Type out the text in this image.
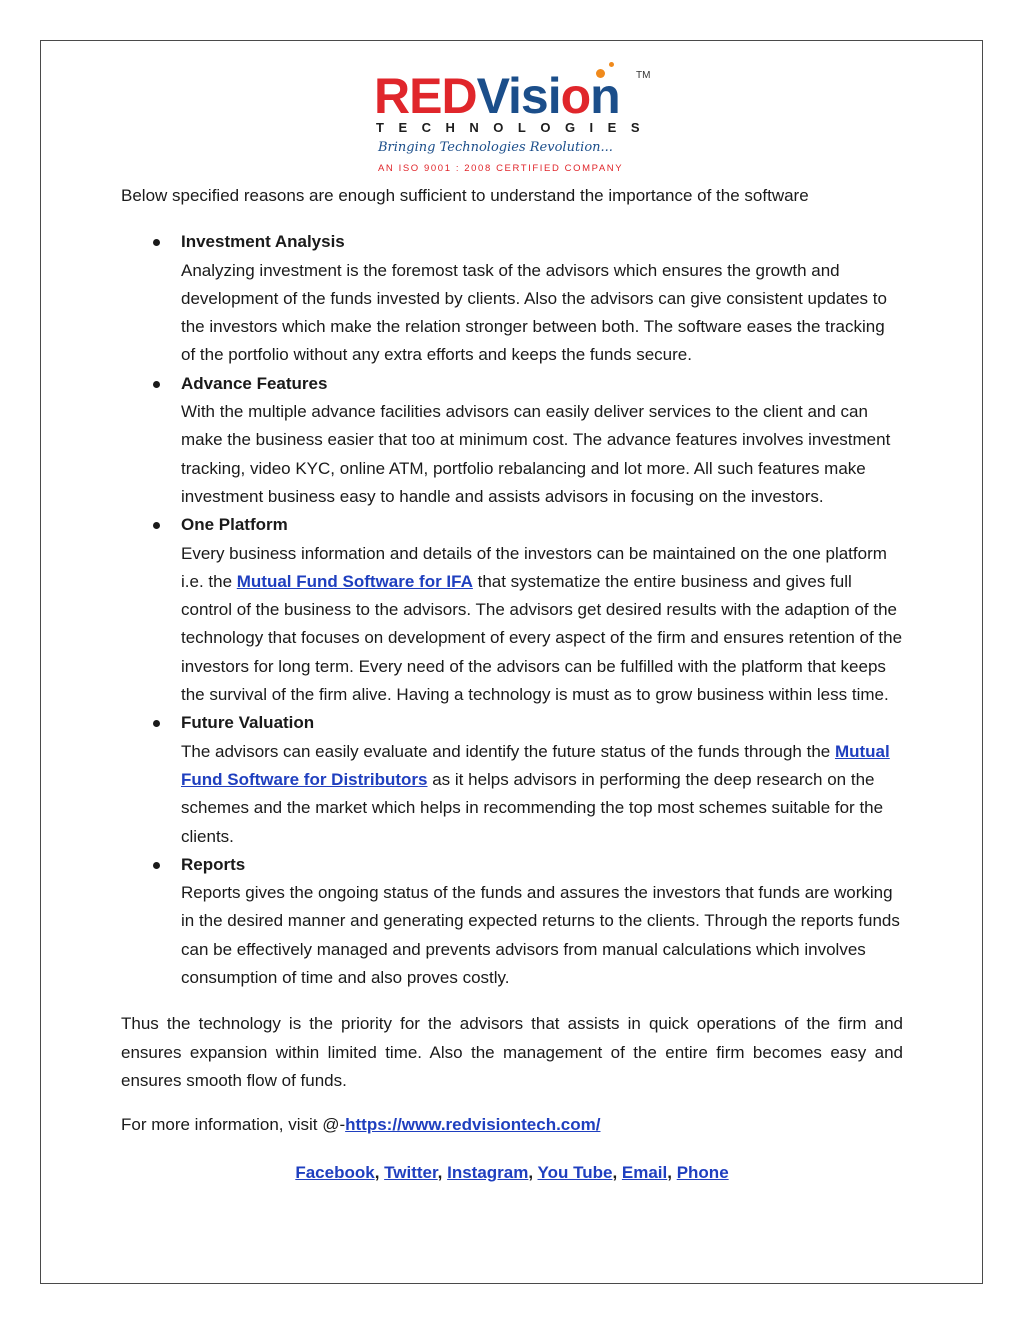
REDVision TM
TECHNOLOGIES
Bringing Technologies Revolution...
AN ISO 9001 : 2008 CERTIFIED COMPANY

Below specified reasons are enough sufficient to understand the importance of the software

Investment Analysis
Analyzing investment is the foremost task of the advisors which ensures the growth and development of the funds invested by clients. Also the advisors can give consistent updates to the investors which make the relation stronger between both. The software eases the tracking of the portfolio without any extra efforts and keeps the funds secure.
Advance Features
With the multiple advance facilities advisors can easily deliver services to the client and can make the business easier that too at minimum cost. The advance features involves investment tracking, video KYC, online ATM, portfolio rebalancing and lot more. All such features make investment business easy to handle and assists advisors in focusing on the investors.
One Platform
Every business information and details of the investors can be maintained on the one platform i.e. the Mutual Fund Software for IFA that systematize the entire business and gives full control of the business to the advisors. The advisors get desired results with the adaption of the technology that focuses on development of every aspect of the firm and ensures retention of the investors for long term. Every need of the advisors can be fulfilled with the platform that keeps the survival of the firm alive. Having a technology is must as to grow business within less time.
Future Valuation
The advisors can easily evaluate and identify the future status of the funds through the Mutual Fund Software for Distributors as it helps advisors in performing the deep research on the schemes and the market which helps in recommending the top most schemes suitable for the clients.
Reports
Reports gives the ongoing status of the funds and assures the investors that funds are working in the desired manner and generating expected returns to the clients. Through the reports funds can be effectively managed and prevents advisors from manual calculations which involves consumption of time and also proves costly.

Thus the technology is the priority for the advisors that assists in quick operations of the firm and ensures expansion within limited time. Also the management of the entire firm becomes easy and ensures smooth flow of funds.

For more information, visit @-https://www.redvisiontech.com/

Facebook, Twitter, Instagram, You Tube, Email, Phone
